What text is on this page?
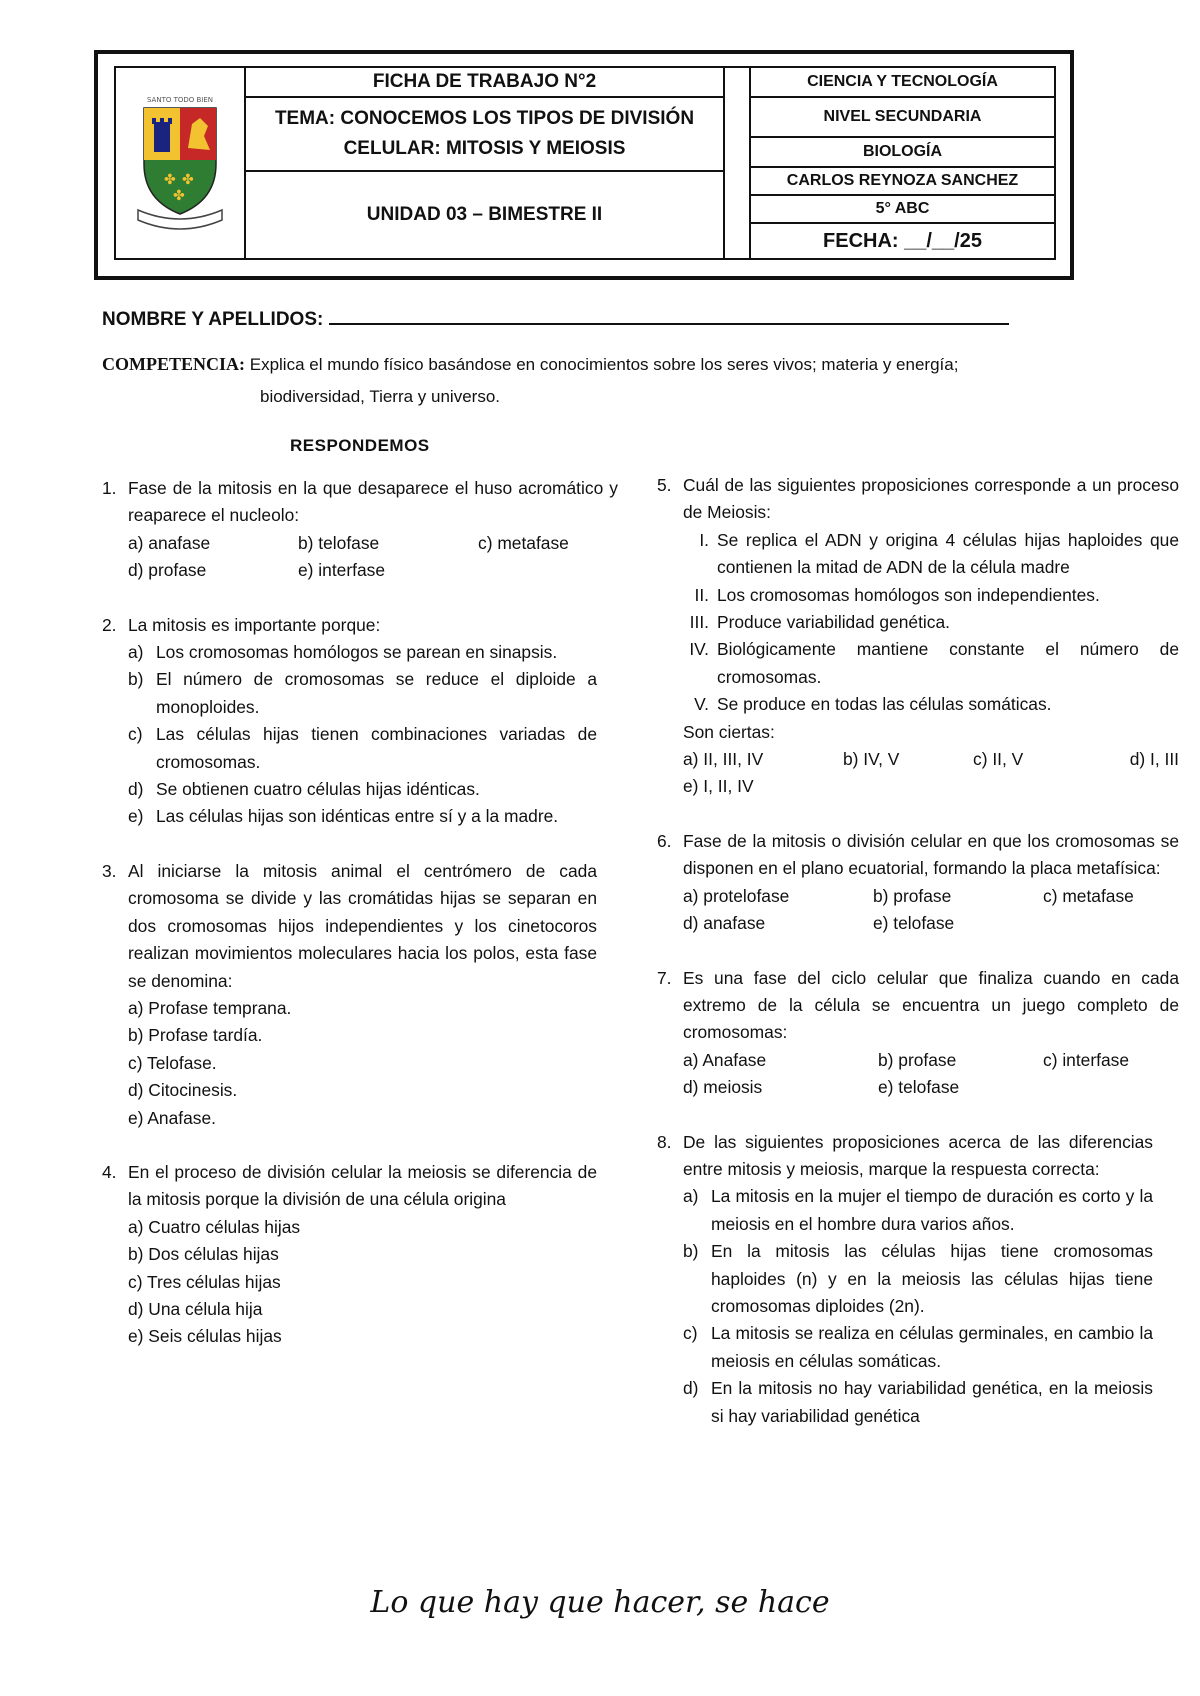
SANTO TODO BIEN
✤ ✤
✤
FICHA DE TRABAJO N°2
TEMA: CONOCEMOS LOS TIPOS DE DIVISIÓN
CELULAR: MITOSIS Y MEIOSIS
UNIDAD 03 – BIMESTRE II
CIENCIA Y TECNOLOGÍA
NIVEL SECUNDARIA
BIOLOGÍA
CARLOS REYNOZA SANCHEZ
5° ABC
FECHA: __/__/25
NOMBRE Y APELLIDOS:
COMPETENCIA: Explica el mundo físico basándose en conocimientos sobre los seres vivos; materia y energía;
biodiversidad, Tierra y universo.
RESPONDEMOS
1. Fase de la mitosis en la que desaparece el huso acromático y reaparece el nucleolo:
a) anafase	b) telofase	c) metafase
d) profase	e) interfase
2. La mitosis es importante porque:
a) Los cromosomas homólogos se parean en sinapsis.
b) El número de cromosomas se reduce el diploide a monoploides.
c) Las células hijas tienen combinaciones variadas de cromosomas.
d) Se obtienen cuatro células hijas idénticas.
e) Las células hijas son idénticas entre sí y a la madre.
3. Al iniciarse la mitosis animal el centrómero de cada cromosoma se divide y las cromátidas hijas se separan en dos cromosomas hijos independientes y los cinetocoros realizan movimientos moleculares hacia los polos, esta fase se denomina:
a) Profase temprana.
b) Profase tardía.
c) Telofase.
d) Citocinesis.
e) Anafase.
4. En el proceso de división celular la meiosis se diferencia de la mitosis porque la división de una célula origina
a) Cuatro células hijas
b) Dos células hijas
c) Tres células hijas
d) Una célula hija
e) Seis células hijas
5. Cuál de las siguientes proposiciones corresponde a un proceso de Meiosis:
I. Se replica el ADN y origina 4 células hijas haploides que contienen la mitad de ADN de la célula madre
II. Los cromosomas homólogos son independientes.
III. Produce variabilidad genética.
IV. Biológicamente mantiene constante el número de cromosomas.
V. Se produce en todas las células somáticas.
Son ciertas:
a) II, III, IV	b) IV, V	c) II, V	d) I, III
e) I, II, IV
6. Fase de la mitosis o división celular en que los cromosomas se disponen en el plano ecuatorial, formando la placa metafísica:
a) protelofase	b) profase	c) metafase
d) anafase	e) telofase
7. Es una fase del ciclo celular que finaliza cuando en cada extremo de la célula se encuentra un juego completo de cromosomas:
a) Anafase	b) profase	c) interfase
d) meiosis	e) telofase
8. De las siguientes proposiciones acerca de las diferencias entre mitosis y meiosis, marque la respuesta correcta:
a) La mitosis en la mujer el tiempo de duración es corto y la meiosis en el hombre dura varios años.
b) En la mitosis las células hijas tiene cromosomas haploides (n) y en la meiosis las células hijas tiene cromosomas diploides (2n).
c) La mitosis se realiza en células germinales, en cambio la meiosis en células somáticas.
d) En la mitosis no hay variabilidad genética, en la meiosis si hay variabilidad genética
Lo que hay que hacer, se hace
